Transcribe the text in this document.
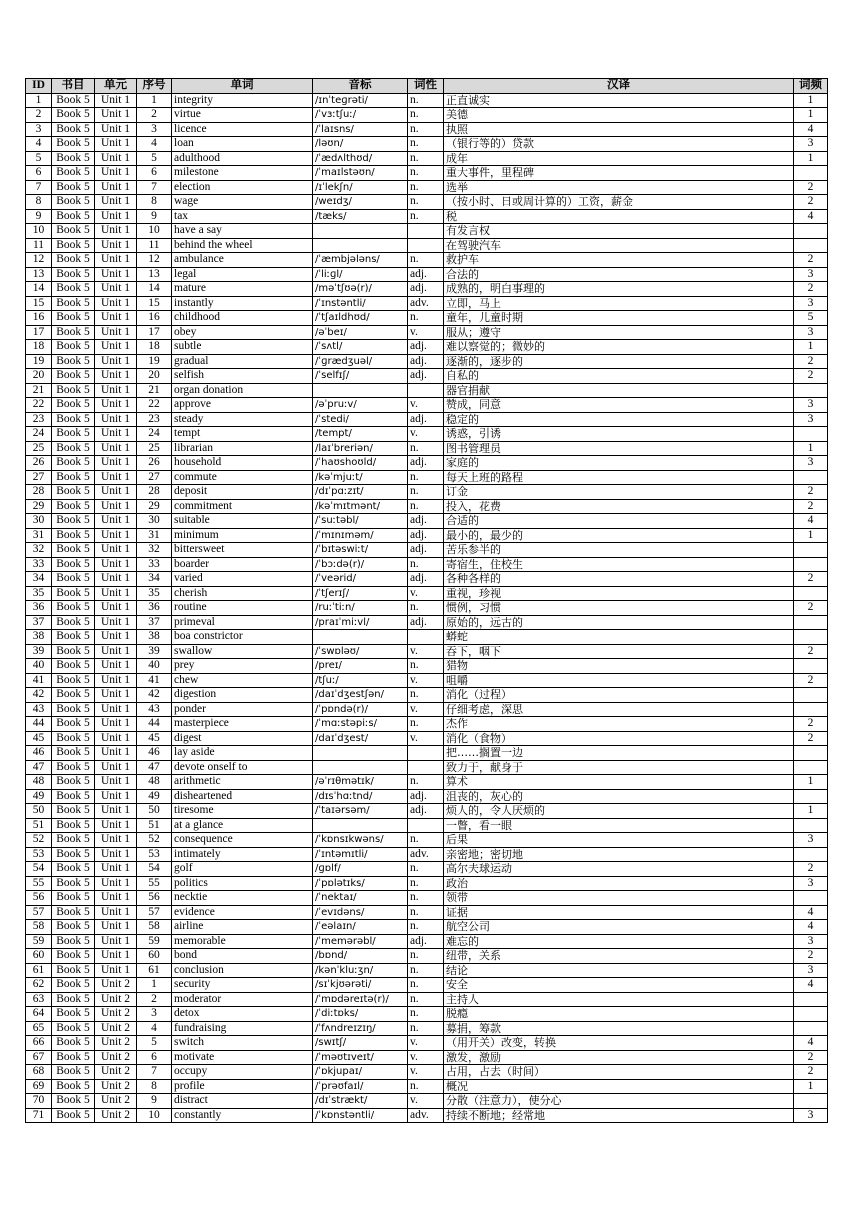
ID	书目	单元	序号	单词	音标	词性	汉译	词频
1	Book 5	Unit 1	1	integrity	/ɪnˈteɡrəti/	n.	正直诚实	1
2	Book 5	Unit 1	2	virtue	/ˈvɜːtʃuː/	n.	美德	1
3	Book 5	Unit 1	3	licence	/ˈlaɪsns/	n.	执照	4
4	Book 5	Unit 1	4	loan	/ləʊn/	n.	（银行等的）贷款	3
5	Book 5	Unit 1	5	adulthood	/ˈædʌlthʊd/	n.	成年	1
6	Book 5	Unit 1	6	milestone	/ˈmaɪlstəʊn/	n.	重大事件，里程碑	
7	Book 5	Unit 1	7	election	/ɪˈlekʃn/	n.	选举	2
8	Book 5	Unit 1	8	wage	/weɪdʒ/	n.	（按小时、日或周计算的）工资，薪金	2
9	Book 5	Unit 1	9	tax	/tæks/	n.	税	4
10	Book 5	Unit 1	10	have a say			有发言权	
11	Book 5	Unit 1	11	behind the wheel			在驾驶汽车	
12	Book 5	Unit 1	12	ambulance	/ˈæmbjələns/	n.	救护车	2
13	Book 5	Unit 1	13	legal	/ˈliːɡl/	adj.	合法的	3
14	Book 5	Unit 1	14	mature	/məˈtʃʊə(r)/	adj.	成熟的，明白事理的	2
15	Book 5	Unit 1	15	instantly	/ˈɪnstəntli/	adv.	立即，马上	3
16	Book 5	Unit 1	16	childhood	/ˈtʃaɪldhʊd/	n.	童年，儿童时期	5
17	Book 5	Unit 1	17	obey	/əˈbeɪ/	v.	服从；遵守	3
18	Book 5	Unit 1	18	subtle	/ˈsʌtl/	adj.	难以察觉的；微妙的	1
19	Book 5	Unit 1	19	gradual	/ˈɡrædʒuəl/	adj.	逐渐的，逐步的	2
20	Book 5	Unit 1	20	selfish	/ˈselfɪʃ/	adj.	自私的	2
21	Book 5	Unit 1	21	organ donation			器官捐献	
22	Book 5	Unit 1	22	approve	/əˈpruːv/	v.	赞成，同意	3
23	Book 5	Unit 1	23	steady	/ˈstedi/	adj.	稳定的	3
24	Book 5	Unit 1	24	tempt	/tempt/	v.	诱惑，引诱	
25	Book 5	Unit 1	25	librarian	/laɪˈbreriən/	n.	图书管理员	1
26	Book 5	Unit 1	26	household	/ˈhaʊshoʊld/	adj.	家庭的	3
27	Book 5	Unit 1	27	commute	/kəˈmjuːt/	n.	每天上班的路程	
28	Book 5	Unit 1	28	deposit	/dɪˈpɑːzɪt/	n.	订金	2
29	Book 5	Unit 1	29	commitment	/kəˈmɪtmənt/	n.	投入，花费	2
30	Book 5	Unit 1	30	suitable	/ˈsuːtəbl/	adj.	合适的	4
31	Book 5	Unit 1	31	minimum	/ˈmɪnɪməm/	adj.	最小的，最少的	1
32	Book 5	Unit 1	32	bittersweet	/ˈbɪtəswiːt/	adj.	苦乐参半的	
33	Book 5	Unit 1	33	boarder	/ˈbɔːdə(r)/	n.	寄宿生，住校生	
34	Book 5	Unit 1	34	varied	/ˈveərid/	adj.	各种各样的	2
35	Book 5	Unit 1	35	cherish	/ˈtʃerɪʃ/	v.	重视，珍视	
36	Book 5	Unit 1	36	routine	/ruːˈtiːn/	n.	惯例，习惯	2
37	Book 5	Unit 1	37	primeval	/praɪˈmiːvl/	adj.	原始的，远古的	
38	Book 5	Unit 1	38	boa constrictor			蟒蛇	
39	Book 5	Unit 1	39	swallow	/ˈswɒləʊ/	v.	吞下，咽下	2
40	Book 5	Unit 1	40	prey	/preɪ/	n.	猎物	
41	Book 5	Unit 1	41	chew	/tʃuː/	v.	咀嚼	2
42	Book 5	Unit 1	42	digestion	/daɪˈdʒestʃən/	n.	消化（过程）	
43	Book 5	Unit 1	43	ponder	/ˈpɒndə(r)/	v.	仔细考虑，深思	
44	Book 5	Unit 1	44	masterpiece	/ˈmɑːstəpiːs/	n.	杰作	2
45	Book 5	Unit 1	45	digest	/daɪˈdʒest/	v.	消化（食物）	2
46	Book 5	Unit 1	46	lay aside			把……搁置一边	
47	Book 5	Unit 1	47	devote onself to			致力于，献身于	
48	Book 5	Unit 1	48	arithmetic	/əˈrɪθmətɪk/	n.	算术	1
49	Book 5	Unit 1	49	disheartened	/dɪsˈhɑːtnd/	adj.	沮丧的，灰心的	
50	Book 5	Unit 1	50	tiresome	/ˈtaɪərsəm/	adj.	烦人的，令人厌烦的	1
51	Book 5	Unit 1	51	at a glance			一瞥，看一眼	
52	Book 5	Unit 1	52	consequence	/ˈkɒnsɪkwəns/	n.	后果	3
53	Book 5	Unit 1	53	intimately	/ˈɪntəmɪtli/	adv.	亲密地；密切地	
54	Book 5	Unit 1	54	golf	/ɡɒlf/	n.	高尔夫球运动	2
55	Book 5	Unit 1	55	politics	/ˈpɒlətɪks/	n.	政治	3
56	Book 5	Unit 1	56	necktie	/ˈnektaɪ/	n.	领带	
57	Book 5	Unit 1	57	evidence	/ˈevɪdəns/	n.	证据	4
58	Book 5	Unit 1	58	airline	/ˈeəlaɪn/	n.	航空公司	4
59	Book 5	Unit 1	59	memorable	/ˈmemərəbl/	adj.	难忘的	3
60	Book 5	Unit 1	60	bond	/bɒnd/	n.	纽带，关系	2
61	Book 5	Unit 1	61	conclusion	/kənˈkluːʒn/	n.	结论	3
62	Book 5	Unit 2	1	security	/sɪˈkjʊərəti/	n.	安全	4
63	Book 5	Unit 2	2	moderator	/ˈmɒdəreɪtə(r)/	n.	主持人	
64	Book 5	Unit 2	3	detox	/ˈdiːtɒks/	n.	脱瘾	
65	Book 5	Unit 2	4	fundraising	/ˈfʌndreɪzɪŋ/	n.	募捐，筹款	
66	Book 5	Unit 2	5	switch	/swɪtʃ/	v.	（用开关）改变，转换	4
67	Book 5	Unit 2	6	motivate	/ˈməʊtɪveɪt/	v.	激发，激励	2
68	Book 5	Unit 2	7	occupy	/ˈɒkjupaɪ/	v.	占用，占去（时间）	2
69	Book 5	Unit 2	8	profile	/ˈprəʊfaɪl/	n.	概况	1
70	Book 5	Unit 2	9	distract	/dɪˈstrækt/	v.	分散（注意力），使分心	
71	Book 5	Unit 2	10	constantly	/ˈkɒnstəntli/	adv.	持续不断地；经常地	3
